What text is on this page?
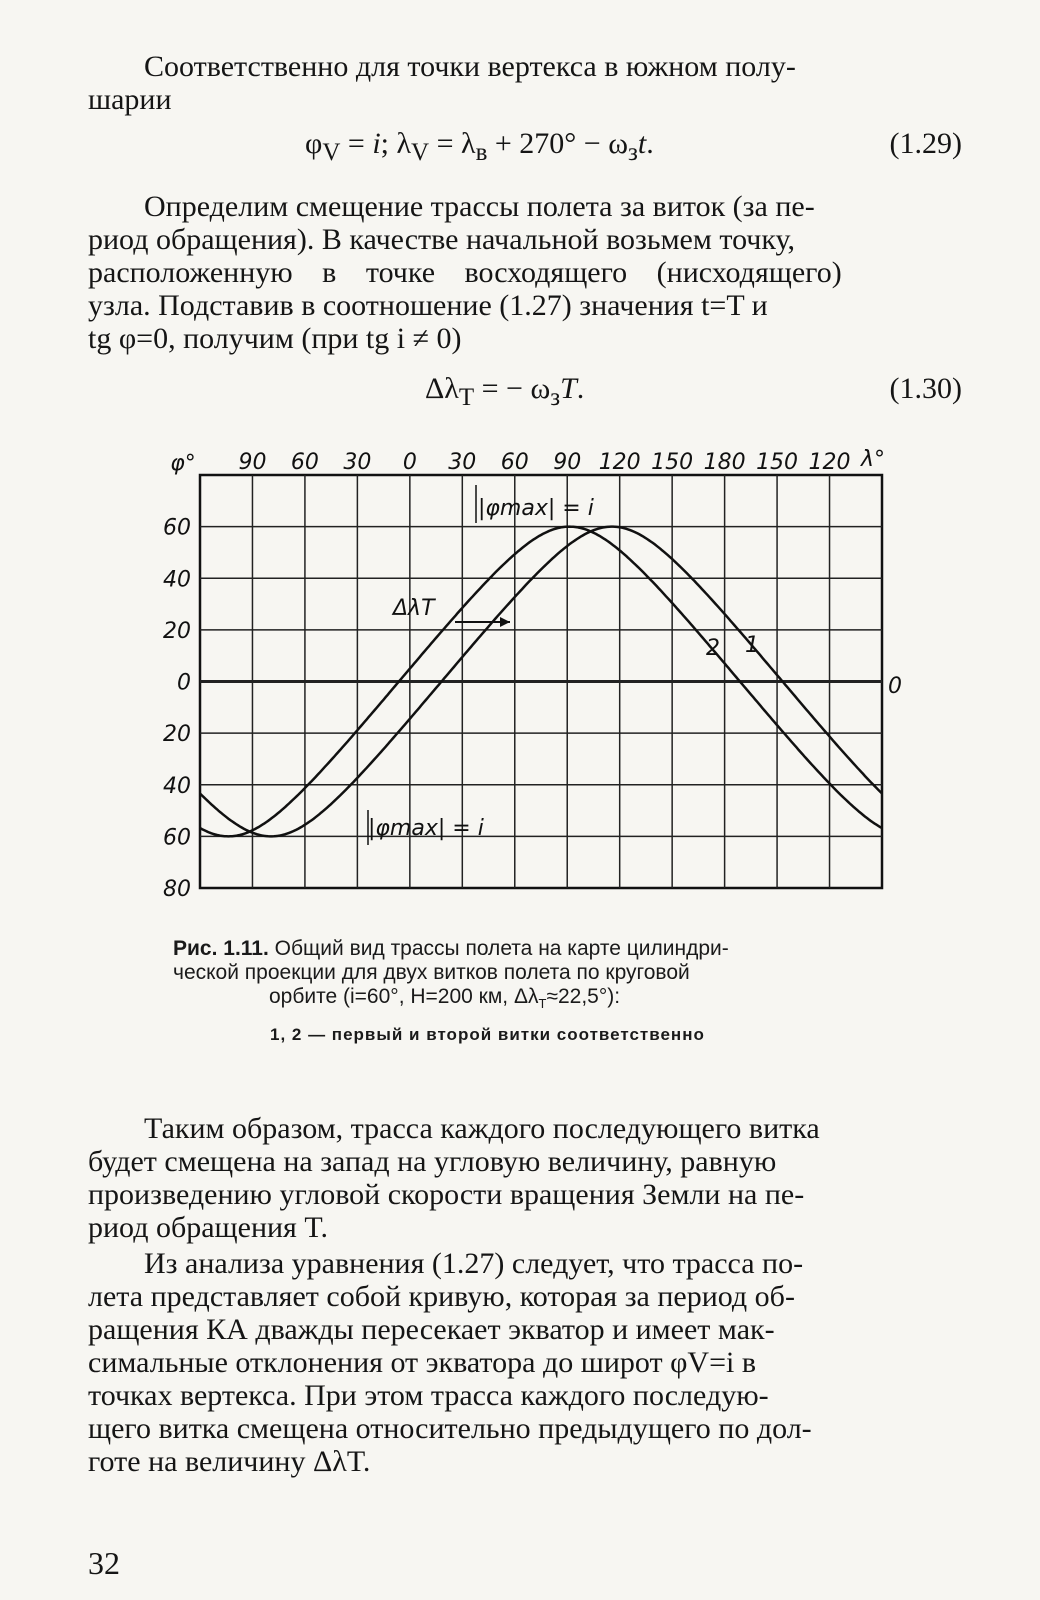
Соответственно для точки вертекса в южном полу-
шарии

$\varphi_V = i$; $\lambda_V = \lambda_в + 270^\circ - \omega_зt$.	(1.29)

Определим смещение трассы полета за виток (за пе-
риод обращения). В качестве начальной возьмем точку,
расположенную в точке восходящего (нисходящего)
узла. Подставив в соотношение (1.27) значения t=T и
tg φ=0, получим (при tg i ≠ 0)

$\Delta\lambda_T$ = − $\omega_зT$.	(1.30)
90 60 30 0 30 60 90 120 150 180 150 120 λ°
60
40
20
0
20
40
60
80
φ°
|φmax| = i
|φmax| = i
ΔλT
2 1
0
Рис. 1.11. Общий вид трассы полета на карте цилиндри-
ческой проекции для двух витков полета по круговой
орбите (i=60°, H=200 км, $\Delta\lambda_T\approx 22,5^\circ$):
1, 2 — первый и второй витки соответственно

Таким образом, трасса каждого последующего витка
будет смещена на запад на угловую величину, равную
произведению угловой скорости вращения Земли на пе-
риод обращения T.

Из анализа уравнения (1.27) следует, что трасса по-
лета представляет собой кривую, которая за период об-
ращения КА дважды пересекает экватор и имеет мак-
симальные отклонения от экватора до широт φV=i в
точках вертекса. При этом трасса каждого последую-
щего витка смещена относительно предыдущего по дол-
готе на величину ΔλT.

32
